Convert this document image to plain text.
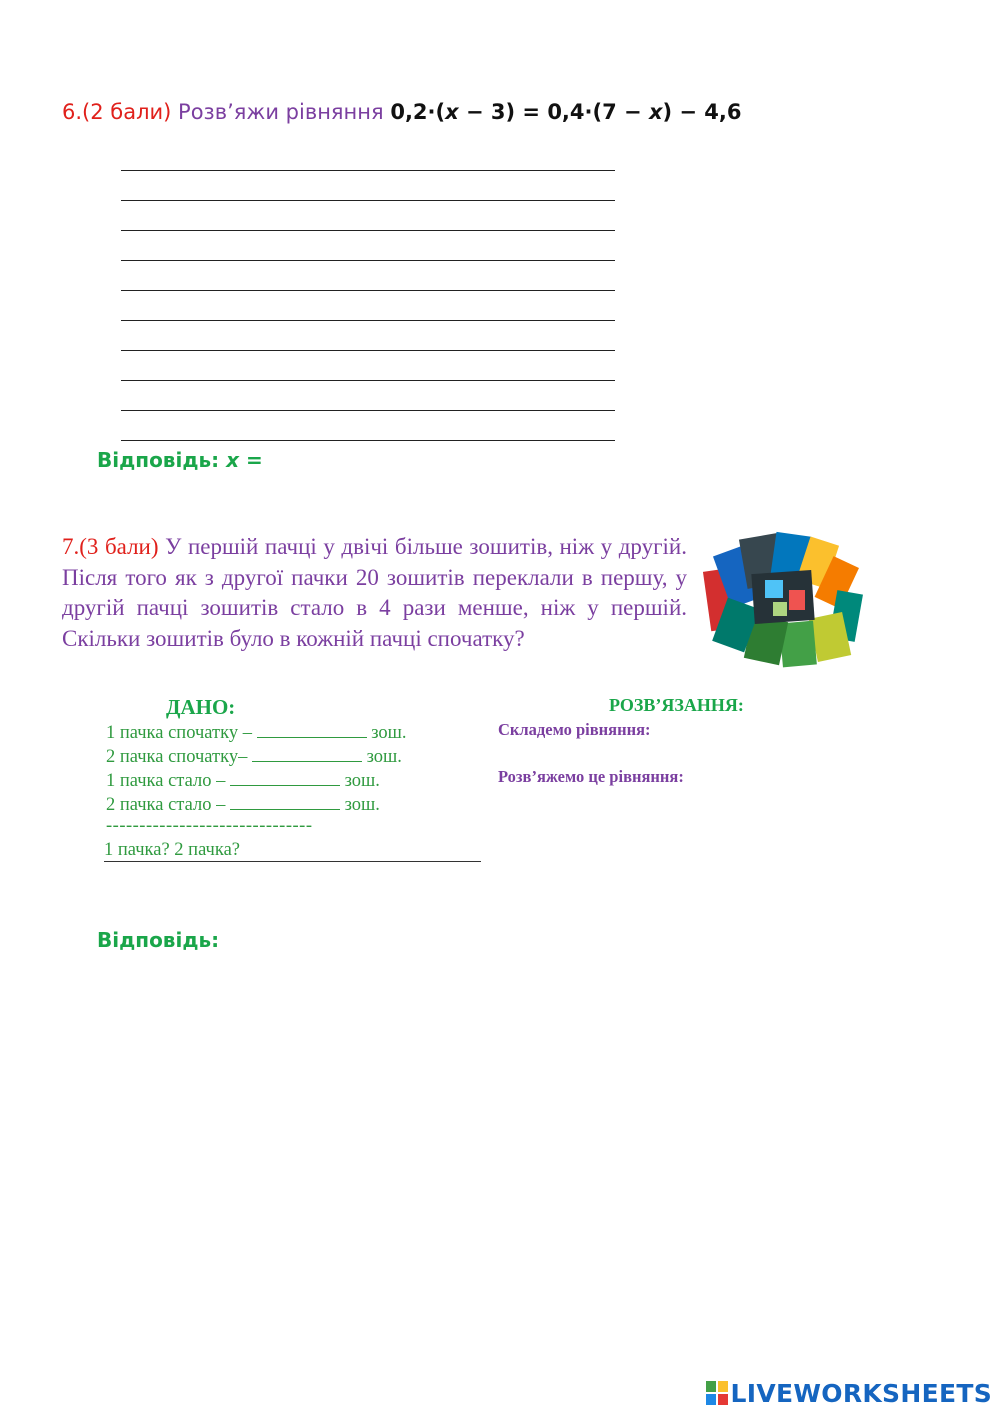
6.(2 бали) Розв’яжи рівняння 0,2·(x − 3) = 0,4·(7 − x) − 4,6
Відповідь: x =
7.(3 бали) У першій пачці у двічі більше зошитів, ніж у другій. Після того як з другої пачки 20 зошитів переклали в першу, у другій пачці зошитів стало в 4 рази менше, ніж у першій. Скільки зошитів було в кожній пачці спочатку?
ДАНО:
1 пачка спочатку –	зош.
2 пачка спочатку–	зош.
1 пачка стало –	зош.
2 пачка стало –	зош.
-------------------------------
1 пачка? 2 пачка?
РОЗВ’ЯЗАННЯ:
Складемо рівняння:
Розв’яжемо це рівняння:
Відповідь:
LIVEWORKSHEETS
